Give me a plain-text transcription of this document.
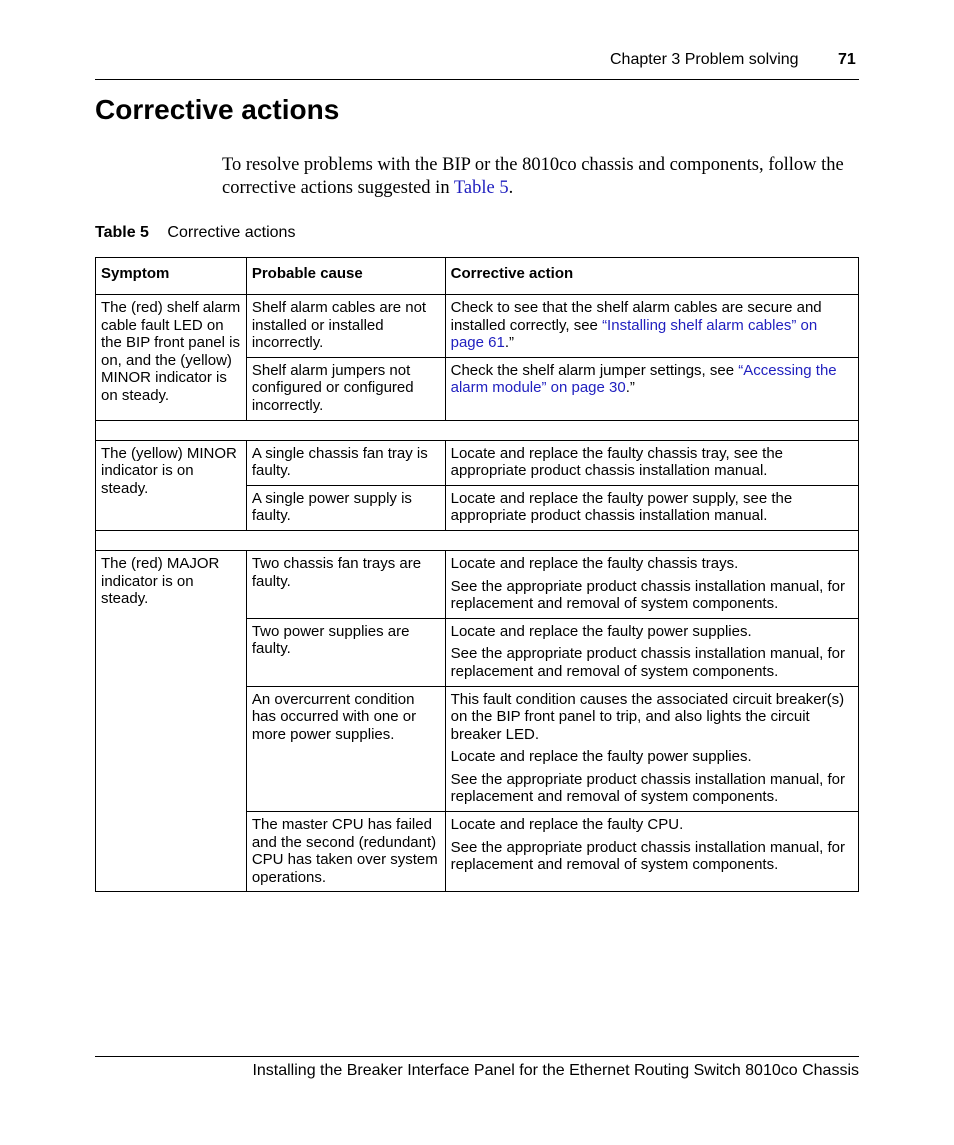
Chapter 3 Problem solving 71
Corrective actions
To resolve problems with the BIP or the 8010co chassis and components, follow the corrective actions suggested in Table 5.
Table 5 Corrective actions
Symptom	Probable cause	Corrective action
The (red) shelf alarm cable fault LED on the BIP front panel is on, and the (yellow) MINOR indicator is on steady.	Shelf alarm cables are not installed or installed incorrectly.	Check to see that the shelf alarm cables are secure and installed correctly, see “Installing shelf alarm cables” on page 61.”

	Shelf alarm jumpers not configured or configured incorrectly.	Check the shelf alarm jumper settings, see “Accessing the alarm module” on page 30.”

The (yellow) MINOR indicator is on steady.	A single chassis fan tray is faulty.	Locate and replace the faulty chassis tray, see the appropriate product chassis installation manual.

	A single power supply is faulty.	Locate and replace the faulty power supply, see the appropriate product chassis installation manual.

The (red) MAJOR indicator is on steady.	Two chassis fan trays are faulty.	Locate and replace the faulty chassis trays.

See the appropriate product chassis installation manual, for replacement and removal of system components.

	Two power supplies are faulty.	Locate and replace the faulty power supplies.

See the appropriate product chassis installation manual, for replacement and removal of system components.

	An overcurrent condition has occurred with one or more power supplies.	This fault condition causes the associated circuit breaker(s) on the BIP front panel to trip, and also lights the circuit breaker LED.

Locate and replace the faulty power supplies.

See the appropriate product chassis installation manual, for replacement and removal of system components.

	The master CPU has failed and the second (redundant) CPU has taken over system operations.	Locate and replace the faulty CPU.

See the appropriate product chassis installation manual, for replacement and removal of system components.

Installing the Breaker Interface Panel for the Ethernet Routing Switch 8010co Chassis
